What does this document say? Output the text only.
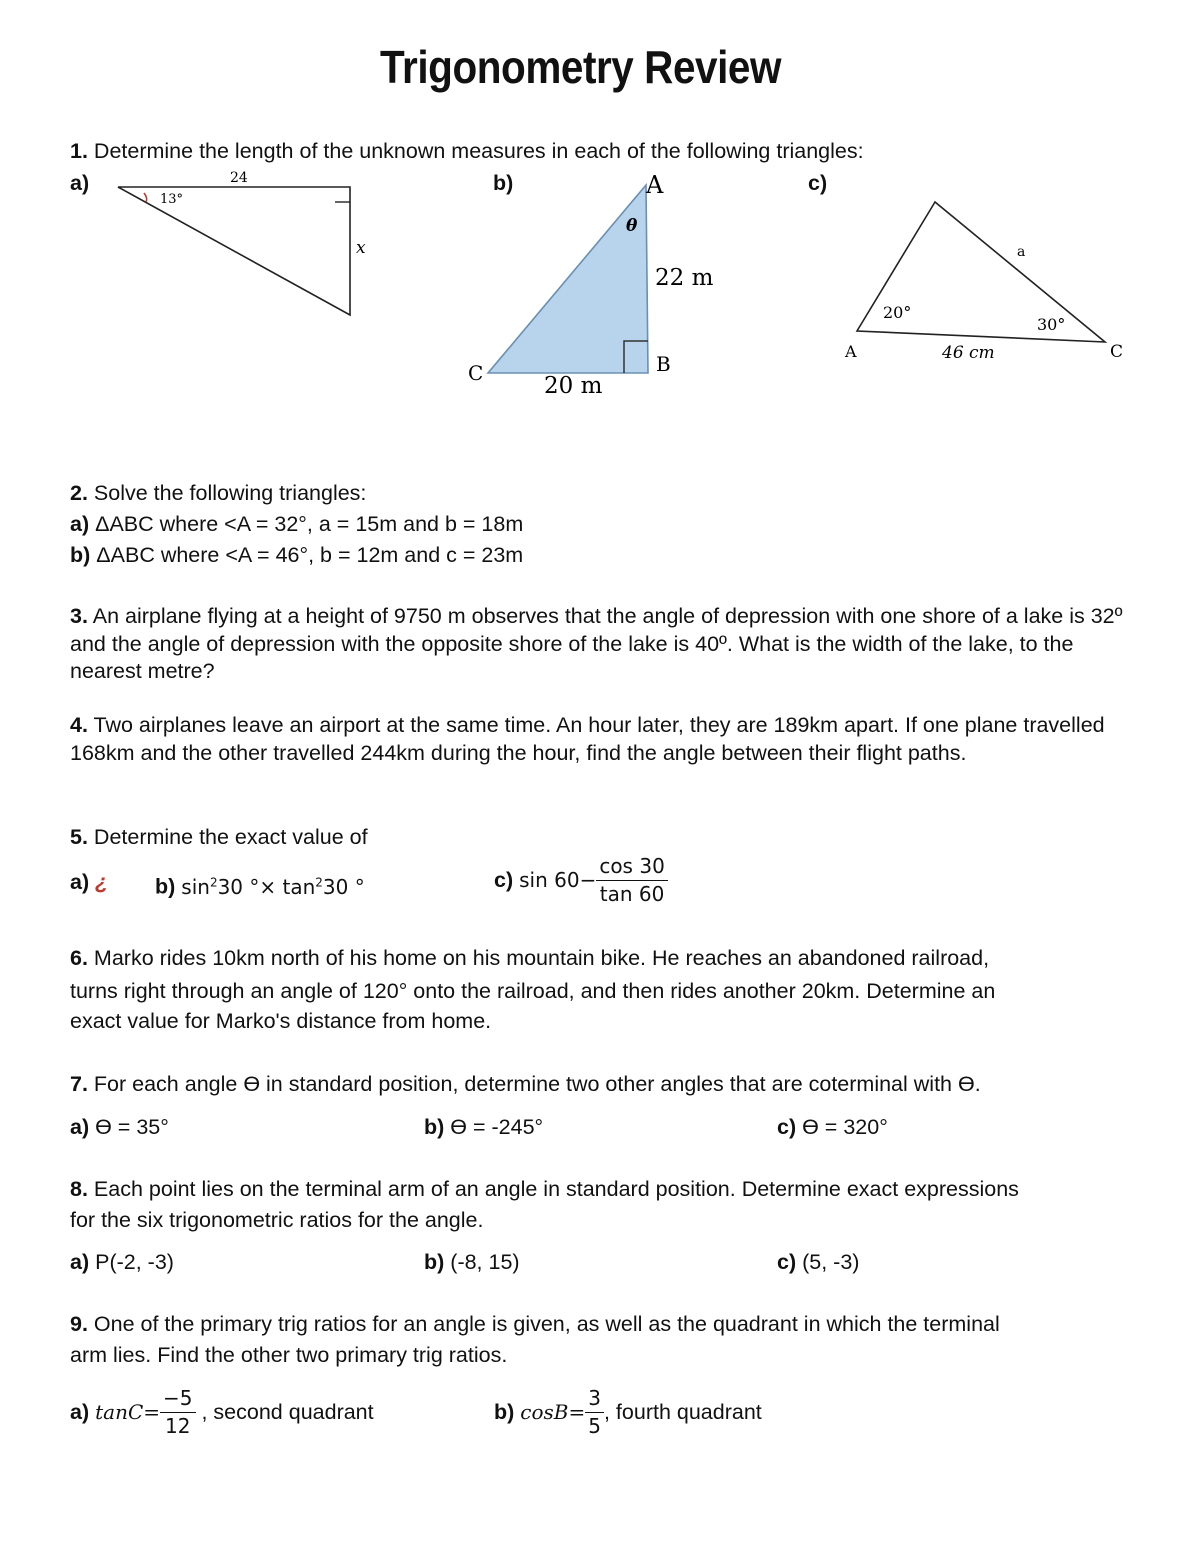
Trigonometry Review
1. Determine the length of the unknown measures in each of the following triangles:
a)	b)	c)
24
13°
x
A
θ
22 m
C	B
20 m
a
20°
30°
A	46 cm	C
2. Solve the following triangles:
a) ΔABC where <A = 32°, a = 15m and b = 18m
b) ΔABC where <A = 46°, b = 12m and c = 23m
3. An airplane flying at a height of 9750 m observes that the angle of depression with one shore of a lake is 32º and the angle of depression with the opposite shore of the lake is 40º. What is the width of the lake, to the nearest metre?
4. Two airplanes leave an airport at the same time. An hour later, they are 189km apart. If one plane travelled 168km and the other travelled 244km during the hour, find the angle between their flight paths.
5. Determine the exact value of
a) ¿ b) $\sin^230$ °× $\tan^230$ °	c) $\sin 60- \frac{\cos 30}{\tan 60}$
6. Marko rides 10km north of his home on his mountain bike. He reaches an abandoned railroad,
turns right through an angle of 120° onto the railroad, and then rides another 20km. Determine an
exact value for Marko's distance from home.
7. For each angle ϴ in standard position, determine two other angles that are coterminal with ϴ.
a) ϴ = 35°	b) ϴ = -245°	c) ϴ = 320°
8. Each point lies on the terminal arm of an angle in standard position. Determine exact expressions
for the six trigonometric ratios for the angle.
a) P(-2, -3)	b) (-8, 15)	c) (5, -3)
9. One of the primary trig ratios for an angle is given, as well as the quadrant in which the terminal
arm lies. Find the other two primary trig ratios.
a) $\tan C= \frac{-5}{12}$ , second quadrant	b) $\cos B= \frac{3}{5}$ , fourth quadrant
